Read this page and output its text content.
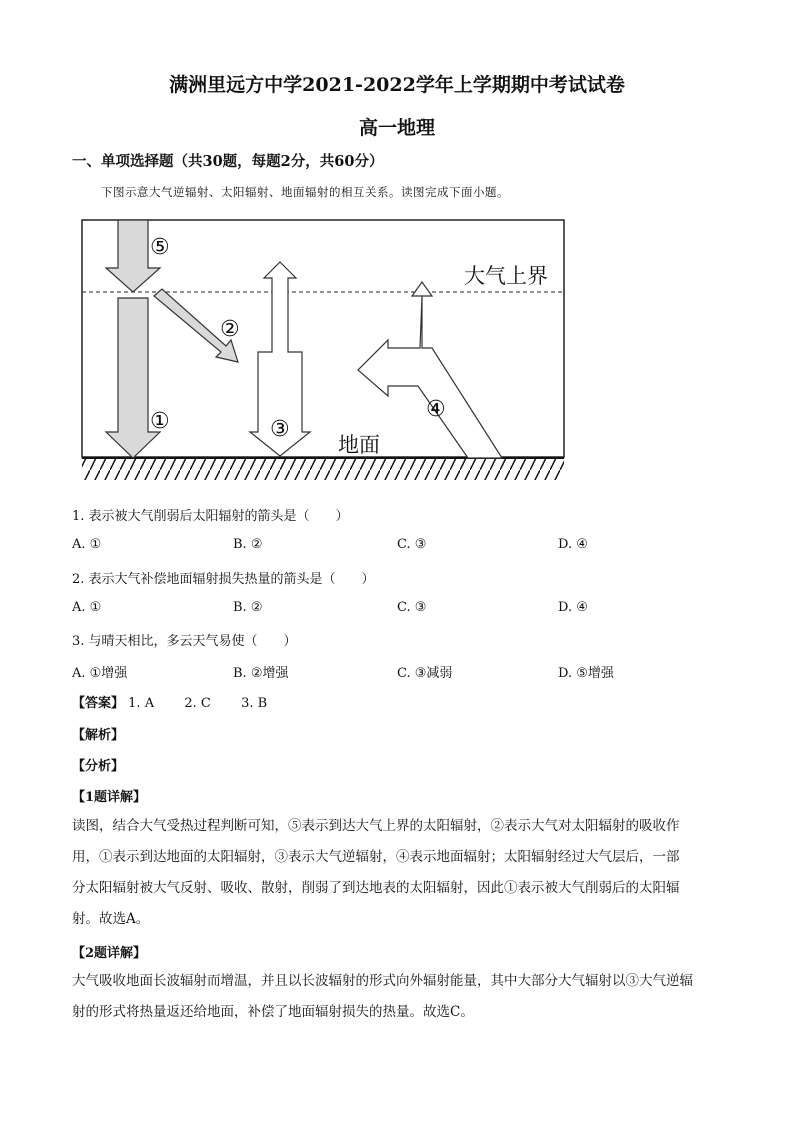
满洲里远方中学2021-2022学年上学期期中考试试卷
高一地理
一、单项选择题（共30题，每题2分，共60分）
下图示意大气逆辐射、太阳辐射、地面辐射的相互关系。读图完成下面小题。
⑤
②
①	③
④
大气上界
地面
1. 表示被大气削弱后太阳辐射的箭头是（　　）
A. ①	B. ②	C. ③	D. ④
2. 表示大气补偿地面辐射损失热量的箭头是（　　）
A. ①	B. ②	C. ③	D. ④
3. 与晴天相比，多云天气易使（　　）
A. ①增强	B. ②增强	C. ③减弱	D. ⑤增强
【答案】 1. A 2. C 3. B
【解析】
【分析】
【1题详解】
读图，结合大气受热过程判断可知，⑤表示到达大气上界的太阳辐射，②表示大气对太阳辐射的吸收作
用，①表示到达地面的太阳辐射，③表示大气逆辐射，④表示地面辐射；太阳辐射经过大气层后，一部
分太阳辐射被大气反射、吸收、散射，削弱了到达地表的太阳辐射，因此①表示被大气削弱后的太阳辐
射。故选A。
【2题详解】
大气吸收地面长波辐射而增温，并且以长波辐射的形式向外辐射能量，其中大部分大气辐射以③大气逆辐
射的形式将热量返还给地面，补偿了地面辐射损失的热量。故选C。
